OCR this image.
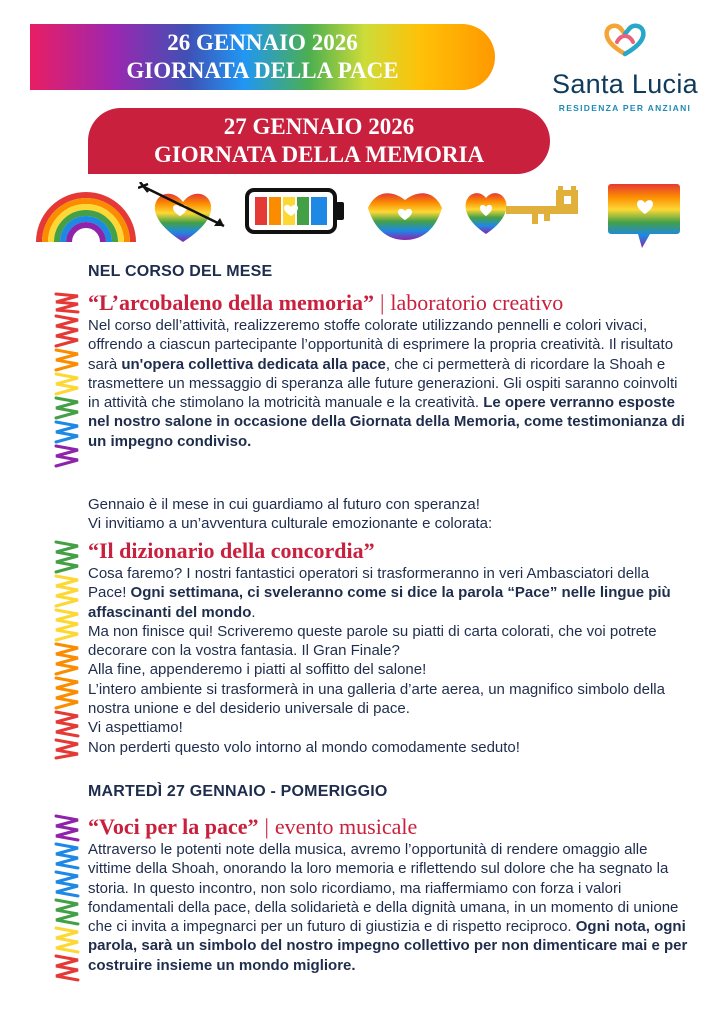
26 GENNAIO 2026
GIORNATA DELLA PACE
27 GENNAIO 2026
GIORNATA DELLA MEMORIA
Santa Lucia
RESIDENZA PER ANZIANI
NEL CORSO DEL MESE
“L’arcobaleno della memoria” | laboratorio creativo

Nel corso dell’attività, realizzeremo stoffe colorate utilizzando pennelli e colori vivaci, offrendo a ciascun partecipante l’opportunità di esprimere la propria creatività. Il risultato sarà un'opera collettiva dedicata alla pace, che ci permetterà di ricordare la Shoah e trasmettere un messaggio di speranza alle future generazioni. Gli ospiti saranno coinvolti in attività che stimolano la motricità manuale e la creatività. Le opere verranno esposte nel nostro salone in occasione della Giornata della Memoria, come testimonianza di un impegno condiviso.

Gennaio è il mese in cui guardiamo al futuro con speranza!

Vi invitiamo a un’avventura culturale emozionante e colorata:

“Il dizionario della concordia”

Cosa faremo? I nostri fantastici operatori si trasformeranno in veri Ambasciatori della Pace! Ogni settimana, ci sveleranno come si dice la parola “Pace” nelle lingue più affascinanti del mondo.

Ma non finisce qui! Scriveremo queste parole su piatti di carta colorati, che voi potrete decorare con la vostra fantasia. Il Gran Finale?

Alla fine, appenderemo i piatti al soffitto del salone!

L’intero ambiente si trasformerà in una galleria d’arte aerea, un magnifico simbolo della nostra unione e del desiderio universale di pace.

Vi aspettiamo!

Non perderti questo volo intorno al mondo comodamente seduto!

MARTEDÌ 27 GENNAIO - POMERIGGIO
“Voci per la pace” | evento musicale

Attraverso le potenti note della musica, avremo l’opportunità di rendere omaggio alle vittime della Shoah, onorando la loro memoria e riflettendo sul dolore che ha segnato la storia. In questo incontro, non solo ricordiamo, ma riaffermiamo con forza i valori fondamentali della pace, della solidarietà e della dignità umana, in un momento di unione che ci invita a impegnarci per un futuro di giustizia e di rispetto reciproco. Ogni nota, ogni parola, sarà un simbolo del nostro impegno collettivo per non dimenticare mai e per costruire insieme un mondo migliore.
